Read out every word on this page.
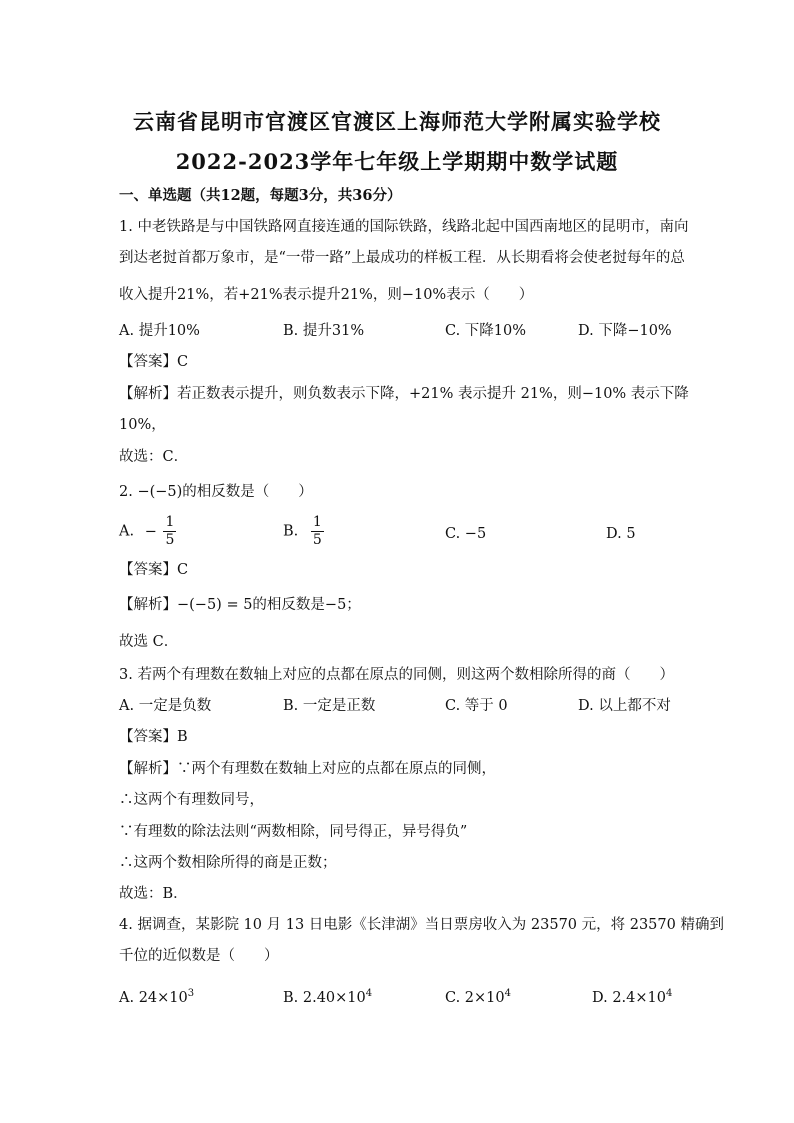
云南省昆明市官渡区官渡区上海师范大学附属实验学校
2022-2023学年七年级上学期期中数学试题
一、单选题（共12题，每题3分，共36分）
1. 中老铁路是与中国铁路网直接连通的国际铁路，线路北起中国西南地区的昆明市，南向
到达老挝首都万象市，是“一带一路”上最成功的样板工程．从长期看将会使老挝每年的总
收入提升21%，若+21%表示提升21%，则−10%表示（　　）
A. 提升10%	B. 提升31%	C. 下降10%	D. 下降−10%
【答案】C
【解析】若正数表示提升，则负数表示下降，+21% 表示提升 21%，则−10% 表示下降
10%，
故选：C．
2. −(−5)的相反数是（　　）
A. − $\frac{1}{5}$	B. $\frac{1}{5}$	C. −5	D. 5
【答案】C
【解析】−(−5) = 5的相反数是−5；
故选 C．
3. 若两个有理数在数轴上对应的点都在原点的同侧，则这两个数相除所得的商（　　）
A. 一定是负数	B. 一定是正数	C. 等于 0	D. 以上都不对
【答案】B
【解析】∵两个有理数在数轴上对应的点都在原点的同侧，
∴这两个有理数同号，
∵有理数的除法法则“两数相除，同号得正，异号得负”
∴这两个数相除所得的商是正数；
故选：B．
4. 据调查，某影院 10 月 13 日电影《长津湖》当日票房收入为 23570 元，将 23570 精确到
千位的近似数是（　　）
A. $24\times 10^3$	B. $2.40\times 10^4$	C. $2\times 10^4$	D. $2.4\times 10^4$
